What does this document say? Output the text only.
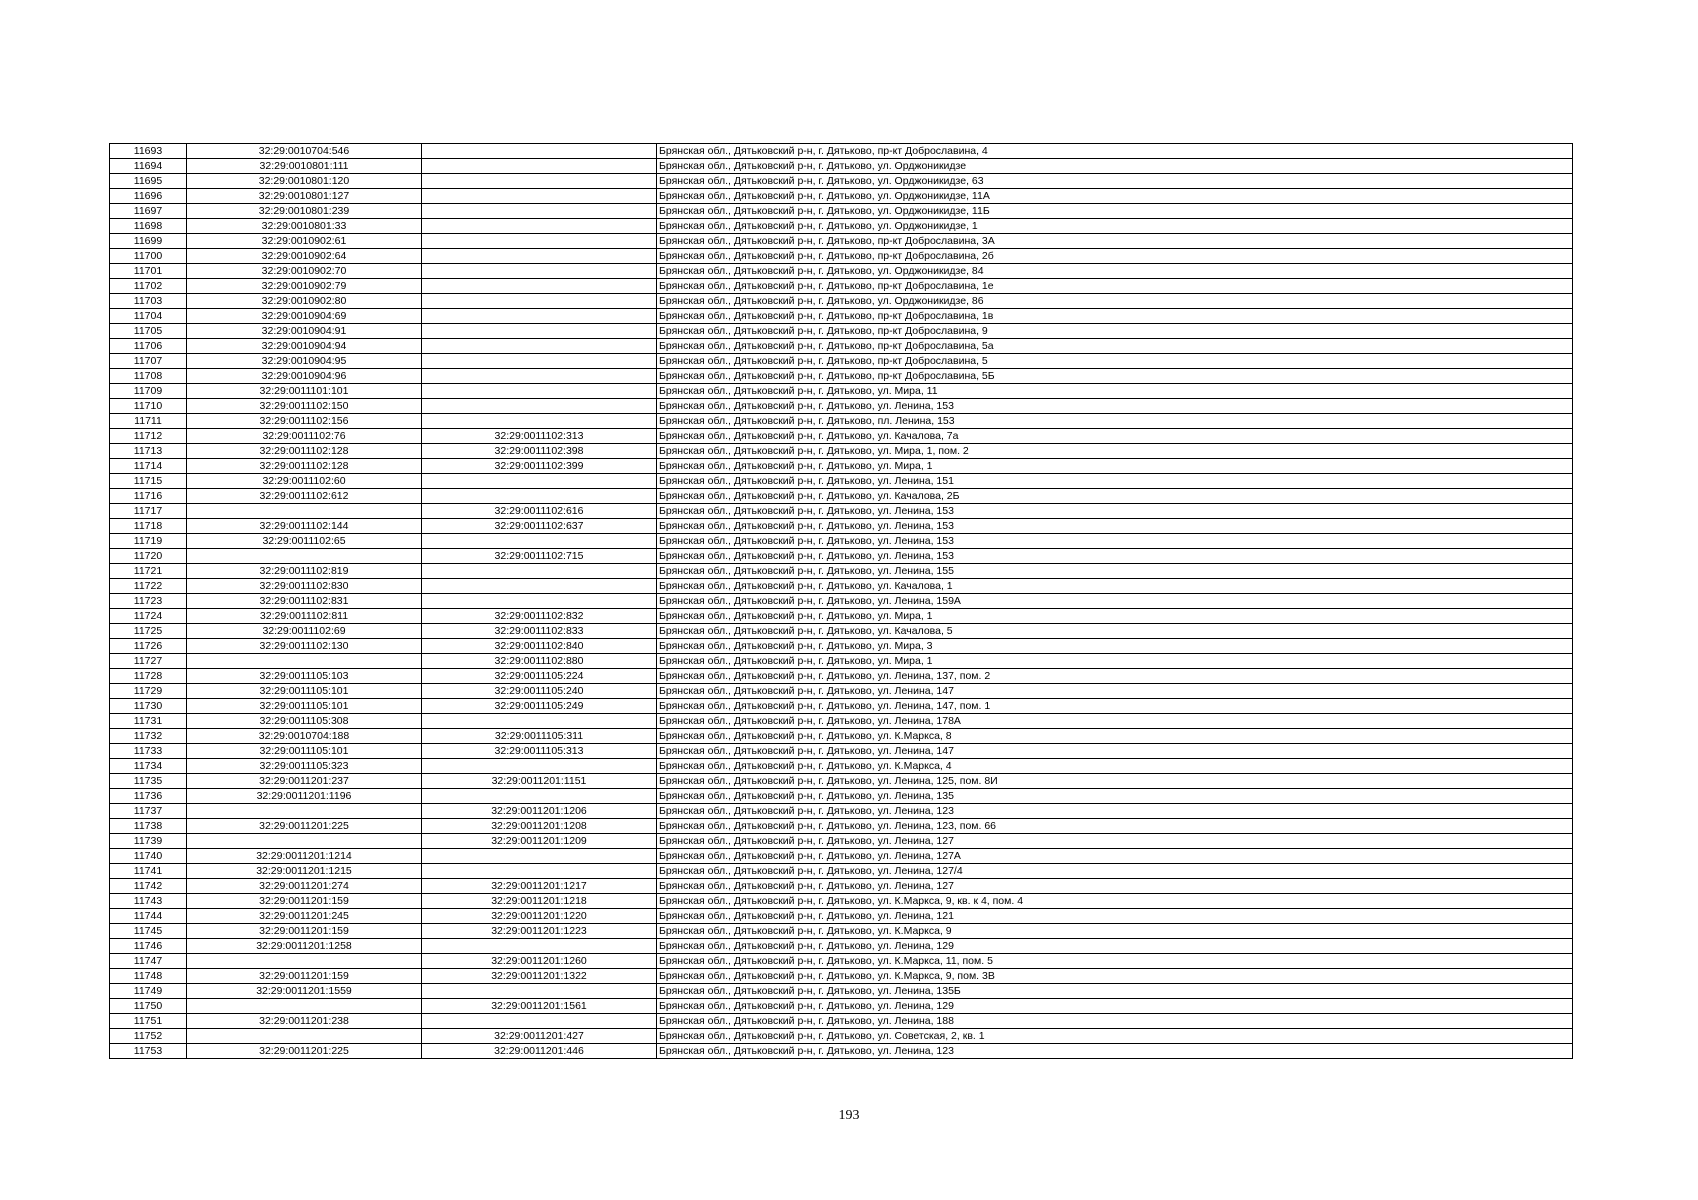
11693	32:29:0010704:546		Брянская обл., Дятьковский р-н, г. Дятьково, пр-кт Доброславина, 4
11694	32:29:0010801:111		Брянская обл., Дятьковский р-н, г. Дятьково, ул. Орджоникидзе
11695	32:29:0010801:120		Брянская обл., Дятьковский р-н, г. Дятьково, ул. Орджоникидзе, 63
11696	32:29:0010801:127		Брянская обл., Дятьковский р-н, г. Дятьково, ул. Орджоникидзе, 11А
11697	32:29:0010801:239		Брянская обл., Дятьковский р-н, г. Дятьково, ул. Орджоникидзе, 11Б
11698	32:29:0010801:33		Брянская обл., Дятьковский р-н, г. Дятьково, ул. Орджоникидзе, 1
11699	32:29:0010902:61		Брянская обл., Дятьковский р-н, г. Дятьково, пр-кт Доброславина, 3А
11700	32:29:0010902:64		Брянская обл., Дятьковский р-н, г. Дятьково, пр-кт Доброславина, 2б
11701	32:29:0010902:70		Брянская обл., Дятьковский р-н, г. Дятьково, ул. Орджоникидзе, 84
11702	32:29:0010902:79		Брянская обл., Дятьковский р-н, г. Дятьково, пр-кт Доброславина, 1е
11703	32:29:0010902:80		Брянская обл., Дятьковский р-н, г. Дятьково, ул. Орджоникидзе, 86
11704	32:29:0010904:69		Брянская обл., Дятьковский р-н, г. Дятьково, пр-кт Доброславина, 1в
11705	32:29:0010904:91		Брянская обл., Дятьковский р-н, г. Дятьково, пр-кт Доброславина, 9
11706	32:29:0010904:94		Брянская обл., Дятьковский р-н, г. Дятьково, пр-кт Доброславина, 5а
11707	32:29:0010904:95		Брянская обл., Дятьковский р-н, г. Дятьково, пр-кт Доброславина, 5
11708	32:29:0010904:96		Брянская обл., Дятьковский р-н, г. Дятьково, пр-кт Доброславина, 5Б
11709	32:29:0011101:101		Брянская обл., Дятьковский р-н, г. Дятьково, ул. Мира, 11
11710	32:29:0011102:150		Брянская обл., Дятьковский р-н, г. Дятьково, ул. Ленина, 153
11711	32:29:0011102:156		Брянская обл., Дятьковский р-н, г. Дятьково, пл. Ленина, 153
11712	32:29:0011102:76	32:29:0011102:313	Брянская обл., Дятьковский р-н, г. Дятьково, ул. Качалова, 7а
11713	32:29:0011102:128	32:29:0011102:398	Брянская обл., Дятьковский р-н, г. Дятьково, ул. Мира, 1, пом. 2
11714	32:29:0011102:128	32:29:0011102:399	Брянская обл., Дятьковский р-н, г. Дятьково, ул. Мира, 1
11715	32:29:0011102:60		Брянская обл., Дятьковский р-н, г. Дятьково, ул. Ленина, 151
11716	32:29:0011102:612		Брянская обл., Дятьковский р-н, г. Дятьково, ул. Качалова, 2Б
11717		32:29:0011102:616	Брянская обл., Дятьковский р-н, г. Дятьково, ул. Ленина, 153
11718	32:29:0011102:144	32:29:0011102:637	Брянская обл., Дятьковский р-н, г. Дятьково, ул. Ленина, 153
11719	32:29:0011102:65		Брянская обл., Дятьковский р-н, г. Дятьково, ул. Ленина, 153
11720		32:29:0011102:715	Брянская обл., Дятьковский р-н, г. Дятьково, ул. Ленина, 153
11721	32:29:0011102:819		Брянская обл., Дятьковский р-н, г. Дятьково, ул. Ленина, 155
11722	32:29:0011102:830		Брянская обл., Дятьковский р-н, г. Дятьково, ул. Качалова, 1
11723	32:29:0011102:831		Брянская обл., Дятьковский р-н, г. Дятьково, ул. Ленина, 159А
11724	32:29:0011102:811	32:29:0011102:832	Брянская обл., Дятьковский р-н, г. Дятьково, ул. Мира, 1
11725	32:29:0011102:69	32:29:0011102:833	Брянская обл., Дятьковский р-н, г. Дятьково, ул. Качалова, 5
11726	32:29:0011102:130	32:29:0011102:840	Брянская обл., Дятьковский р-н, г. Дятьково, ул. Мира, 3
11727		32:29:0011102:880	Брянская обл., Дятьковский р-н, г. Дятьково, ул. Мира, 1
11728	32:29:0011105:103	32:29:0011105:224	Брянская обл., Дятьковский р-н, г. Дятьково, ул. Ленина, 137, пом. 2
11729	32:29:0011105:101	32:29:0011105:240	Брянская обл., Дятьковский р-н, г. Дятьково, ул. Ленина, 147
11730	32:29:0011105:101	32:29:0011105:249	Брянская обл., Дятьковский р-н, г. Дятьково, ул. Ленина, 147, пом. 1
11731	32:29:0011105:308		Брянская обл., Дятьковский р-н, г. Дятьково, ул. Ленина, 178А
11732	32:29:0010704:188	32:29:0011105:311	Брянская обл., Дятьковский р-н, г. Дятьково, ул. К.Маркса, 8
11733	32:29:0011105:101	32:29:0011105:313	Брянская обл., Дятьковский р-н, г. Дятьково, ул. Ленина, 147
11734	32:29:0011105:323		Брянская обл., Дятьковский р-н, г. Дятьково, ул. К.Маркса, 4
11735	32:29:0011201:237	32:29:0011201:1151	Брянская обл., Дятьковский р-н, г. Дятьково, ул. Ленина, 125, пом. 8И
11736	32:29:0011201:1196		Брянская обл., Дятьковский р-н, г. Дятьково, ул. Ленина, 135
11737		32:29:0011201:1206	Брянская обл., Дятьковский р-н, г. Дятьково, ул. Ленина, 123
11738	32:29:0011201:225	32:29:0011201:1208	Брянская обл., Дятьковский р-н, г. Дятьково, ул. Ленина, 123, пом. 66
11739		32:29:0011201:1209	Брянская обл., Дятьковский р-н, г. Дятьково, ул. Ленина, 127
11740	32:29:0011201:1214		Брянская обл., Дятьковский р-н, г. Дятьково, ул. Ленина, 127А
11741	32:29:0011201:1215		Брянская обл., Дятьковский р-н, г. Дятьково, ул. Ленина, 127/4
11742	32:29:0011201:274	32:29:0011201:1217	Брянская обл., Дятьковский р-н, г. Дятьково, ул. Ленина, 127
11743	32:29:0011201:159	32:29:0011201:1218	Брянская обл., Дятьковский р-н, г. Дятьково, ул. К.Маркса, 9, кв. к 4, пом. 4
11744	32:29:0011201:245	32:29:0011201:1220	Брянская обл., Дятьковский р-н, г. Дятьково, ул. Ленина, 121
11745	32:29:0011201:159	32:29:0011201:1223	Брянская обл., Дятьковский р-н, г. Дятьково, ул. К.Маркса, 9
11746	32:29:0011201:1258		Брянская обл., Дятьковский р-н, г. Дятьково, ул. Ленина, 129
11747		32:29:0011201:1260	Брянская обл., Дятьковский р-н, г. Дятьково, ул. К.Маркса, 11, пом. 5
11748	32:29:0011201:159	32:29:0011201:1322	Брянская обл., Дятьковский р-н, г. Дятьково, ул. К.Маркса, 9, пом. 3В
11749	32:29:0011201:1559		Брянская обл., Дятьковский р-н, г. Дятьково, ул. Ленина, 135Б
11750		32:29:0011201:1561	Брянская обл., Дятьковский р-н, г. Дятьково, ул. Ленина, 129
11751	32:29:0011201:238		Брянская обл., Дятьковский р-н, г. Дятьково, ул. Ленина, 188
11752		32:29:0011201:427	Брянская обл., Дятьковский р-н, г. Дятьково, ул. Советская, 2, кв. 1
11753	32:29:0011201:225	32:29:0011201:446	Брянская обл., Дятьковский р-н, г. Дятьково, ул. Ленина, 123
193
